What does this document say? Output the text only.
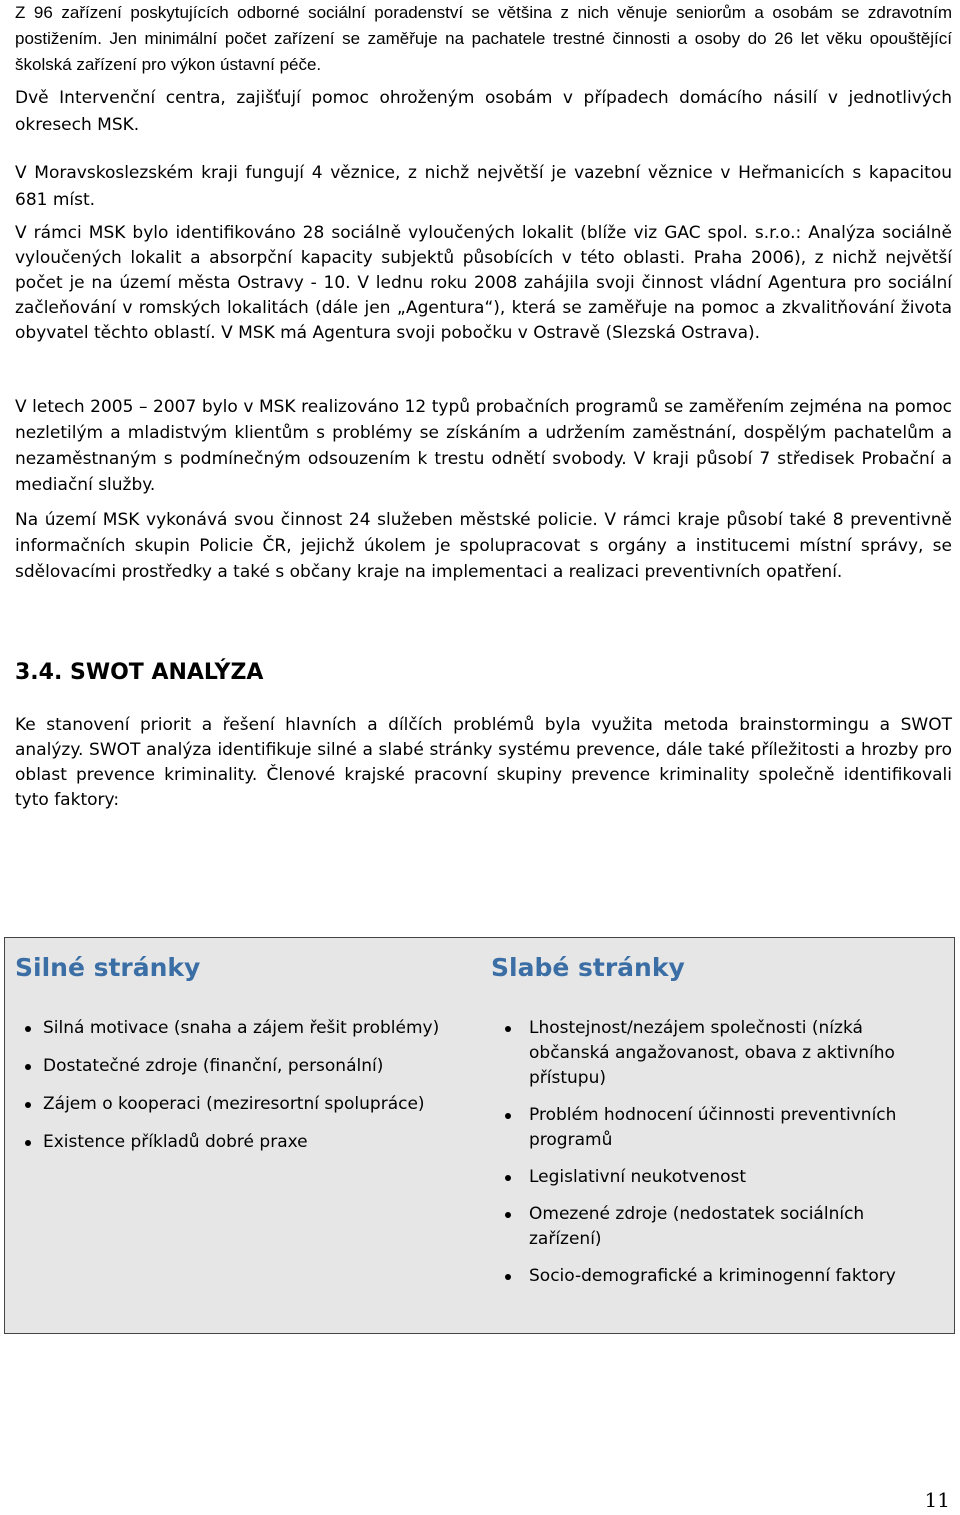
Z 96 zařízení poskytujících odborné sociální poradenství se většina z nich věnuje seniorům a osobám se zdravotním postižením. Jen minimální počet zařízení se zaměřuje na pachatele trestné činnosti a osoby do 26 let věku opouštějící školská zařízení pro výkon ústavní péče.

Dvě Intervenční centra, zajišťují pomoc ohroženým osobám v případech domácího násilí v jednotlivých okresech MSK.

V Moravskoslezském kraji fungují 4 věznice, z nichž největší je vazební věznice v Heřmanicích s kapacitou 681 míst.

V rámci MSK bylo identifikováno 28 sociálně vyloučených lokalit (blíže viz GAC spol. s.r.o.: Analýza sociálně vyloučených lokalit a absorpční kapacity subjektů působících v této oblasti. Praha 2006), z nichž největší počet je na území města Ostravy - 10. V lednu roku 2008 zahájila svoji činnost vládní Agentura pro sociální začleňování v romských lokalitách (dále jen „Agentura“), která se zaměřuje na pomoc a zkvalitňování života obyvatel těchto oblastí. V MSK má Agentura svoji pobočku v Ostravě (Slezská Ostrava).

V letech 2005 – 2007 bylo v MSK realizováno 12 typů probačních programů se zaměřením zejména na pomoc nezletilým a mladistvým klientům s problémy se získáním a udržením zaměstnání, dospělým pachatelům a nezaměstnaným s podmínečným odsouzením k trestu odnětí svobody. V kraji působí 7 středisek Probační a mediační služby.

Na území MSK vykonává svou činnost 24 služeben městské policie. V rámci kraje působí také 8 preventivně informačních skupin Policie ČR, jejichž úkolem je spolupracovat s orgány a institucemi místní správy, se sdělovacími prostředky a také s občany kraje na implementaci a realizaci preventivních opatření.

3.4. SWOT ANALÝZA

Ke stanovení priorit a řešení hlavních a dílčích problémů byla využita metoda brainstormingu a SWOT analýzy. SWOT analýza identifikuje silné a slabé stránky systému prevence, dále také příležitosti a hrozby pro oblast prevence kriminality. Členové krajské pracovní skupiny prevence kriminality společně identifikovali tyto faktory:

Silné stránky
Silná motivace (snaha a zájem řešit problémy)
Dostatečné zdroje (finanční, personální)
Zájem o kooperaci (meziresortní spolupráce)
Existence příkladů dobré praxe
Slabé stránky
Lhostejnost/nezájem společnosti (nízká občanská angažovanost, obava z aktivního přístupu)
Problém hodnocení účinnosti preventivních programů
Legislativní neukotvenost
Omezené zdroje (nedostatek sociálních zařízení)
Socio-demografické a kriminogenní faktory

11
